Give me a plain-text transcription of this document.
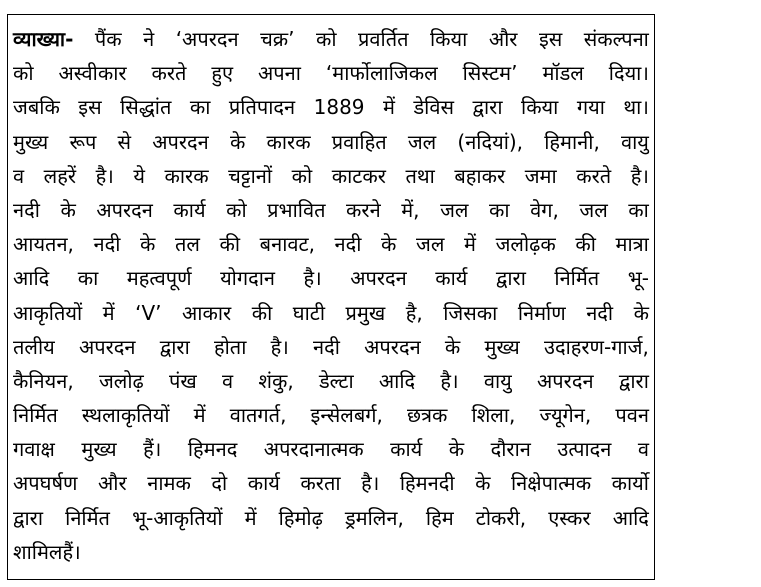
व्याख्या- पैंक ने ‘अपरदन चक्र’ को प्रवर्तित किया और इस संकल्पना
को अस्वीकार करते हुए अपना ‘मार्फोलाजिकल सिस्टम’ मॉडल दिया।
जबकि इस सिद्धांत का प्रतिपादन 1889 में डेविस द्वारा किया गया था।
मुख्य रूप से अपरदन के कारक प्रवाहित जल (नदियां), हिमानी, वायु
व लहरें है। ये कारक चट्टानों को काटकर तथा बहाकर जमा करते है।
नदी के अपरदन कार्य को प्रभावित करने में, जल का वेग, जल का
आयतन, नदी के तल की बनावट, नदी के जल में जलोढ़क की मात्रा
आदि का महत्वपूर्ण योगदान है। अपरदन कार्य द्वारा निर्मित भू-
आकृतियों में ‘V’ आकार की घाटी प्रमुख है, जिसका निर्माण नदी के
तलीय अपरदन द्वारा होता है। नदी अपरदन के मुख्य उदाहरण-गार्ज,
कैनियन, जलोढ़ पंख व शंकु, डेल्टा आदि है। वायु अपरदन द्वारा
निर्मित स्थलाकृतियों में वातगर्त, इन्सेलबर्ग, छत्रक शिला, ज्यूगेन, पवन
गवाक्ष मुख्य हैं। हिमनद अपरदानात्मक कार्य के दौरान उत्पादन व
अपघर्षण और नामक दो कार्य करता है। हिमनदी के निक्षेपात्मक कार्यो
द्वारा निर्मित भू-आकृतियों में हिमोढ़ ड्रमलिन, हिम टोकरी, एस्कर आदि
शामिल हैं।
